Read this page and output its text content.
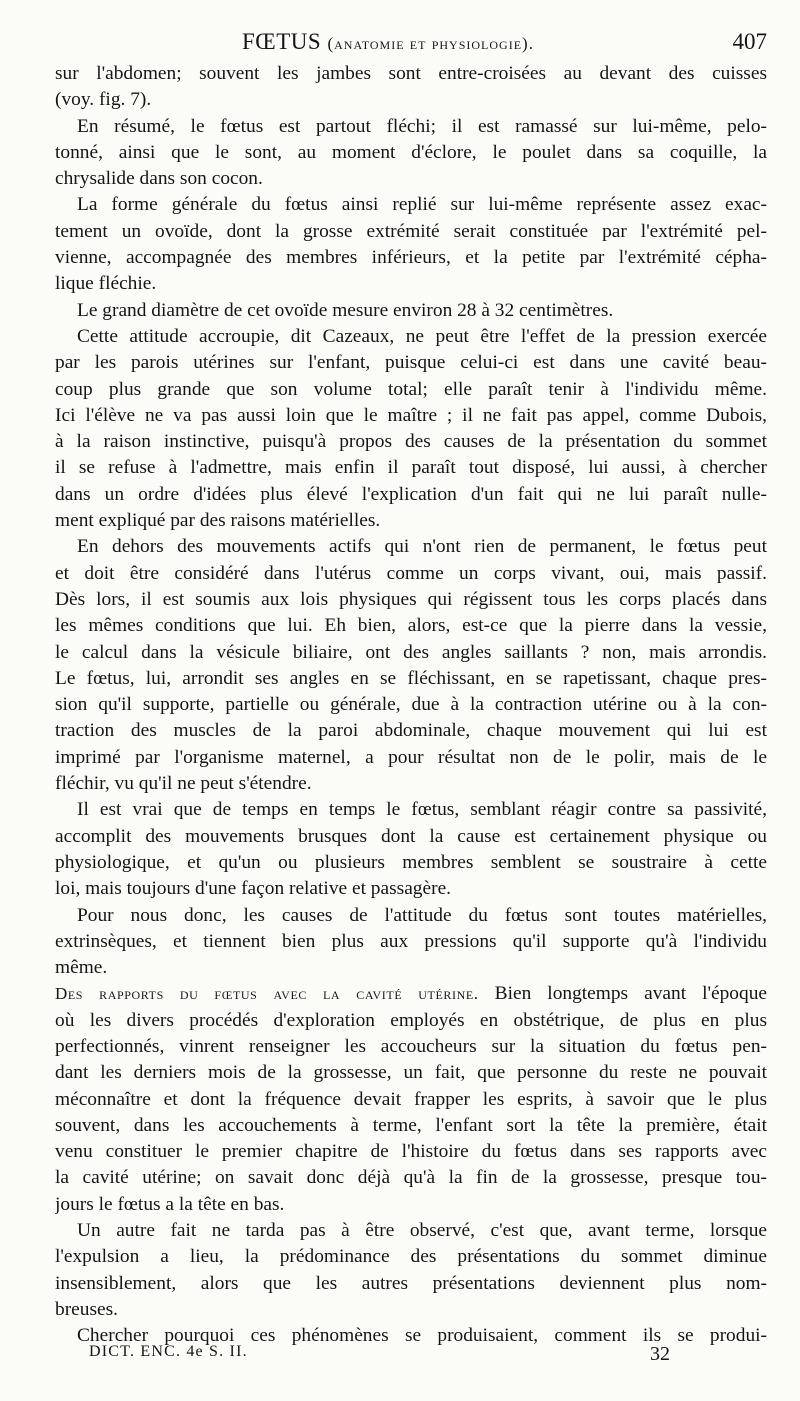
FŒTUS (anatomie et physiologie).	407
sur l'abdomen; souvent les jambes sont entre-croisées au devant des cuisses
(voy. fig. 7).
En résumé, le fœtus est partout fléchi; il est ramassé sur lui-même, pelo-
tonné, ainsi que le sont, au moment d'éclore, le poulet dans sa coquille, la
chrysalide dans son cocon.
La forme générale du fœtus ainsi replié sur lui-même représente assez exac-
tement un ovoïde, dont la grosse extrémité serait constituée par l'extrémité pel-
vienne, accompagnée des membres inférieurs, et la petite par l'extrémité cépha-
lique fléchie.
Le grand diamètre de cet ovoïde mesure environ 28 à 32 centimètres.
Cette attitude accroupie, dit Cazeaux, ne peut être l'effet de la pression exercée
par les parois utérines sur l'enfant, puisque celui-ci est dans une cavité beau-
coup plus grande que son volume total; elle paraît tenir à l'individu même.
Ici l'élève ne va pas aussi loin que le maître ; il ne fait pas appel, comme Dubois,
à la raison instinctive, puisqu'à propos des causes de la présentation du sommet
il se refuse à l'admettre, mais enfin il paraît tout disposé, lui aussi, à chercher
dans un ordre d'idées plus élevé l'explication d'un fait qui ne lui paraît nulle-
ment expliqué par des raisons matérielles.
En dehors des mouvements actifs qui n'ont rien de permanent, le fœtus peut
et doit être considéré dans l'utérus comme un corps vivant, oui, mais passif.
Dès lors, il est soumis aux lois physiques qui régissent tous les corps placés dans
les mêmes conditions que lui. Eh bien, alors, est-ce que la pierre dans la vessie,
le calcul dans la vésicule biliaire, ont des angles saillants ? non, mais arrondis.
Le fœtus, lui, arrondit ses angles en se fléchissant, en se rapetissant, chaque pres-
sion qu'il supporte, partielle ou générale, due à la contraction utérine ou à la con-
traction des muscles de la paroi abdominale, chaque mouvement qui lui est
imprimé par l'organisme maternel, a pour résultat non de le polir, mais de le
fléchir, vu qu'il ne peut s'étendre.
Il est vrai que de temps en temps le fœtus, semblant réagir contre sa passivité,
accomplit des mouvements brusques dont la cause est certainement physique ou
physiologique, et qu'un ou plusieurs membres semblent se soustraire à cette
loi, mais toujours d'une façon relative et passagère.
Pour nous donc, les causes de l'attitude du fœtus sont toutes matérielles,
extrinsèques, et tiennent bien plus aux pressions qu'il supporte qu'à l'individu
même.
Des rapports du fœtus avec la cavité utérine. Bien longtemps avant l'époque
où les divers procédés d'exploration employés en obstétrique, de plus en plus
perfectionnés, vinrent renseigner les accoucheurs sur la situation du fœtus pen-
dant les derniers mois de la grossesse, un fait, que personne du reste ne pouvait
méconnaître et dont la fréquence devait frapper les esprits, à savoir que le plus
souvent, dans les accouchements à terme, l'enfant sort la tête la première, était
venu constituer le premier chapitre de l'histoire du fœtus dans ses rapports avec
la cavité utérine; on savait donc déjà qu'à la fin de la grossesse, presque tou-
jours le fœtus a la tête en bas.
Un autre fait ne tarda pas à être observé, c'est que, avant terme, lorsque
l'expulsion a lieu, la prédominance des présentations du sommet diminue
insensiblement, alors que les autres présentations deviennent plus nom-
breuses.
Chercher pourquoi ces phénomènes se produisaient, comment ils se produi-
DICT. ENC. 4e S. II.	32
